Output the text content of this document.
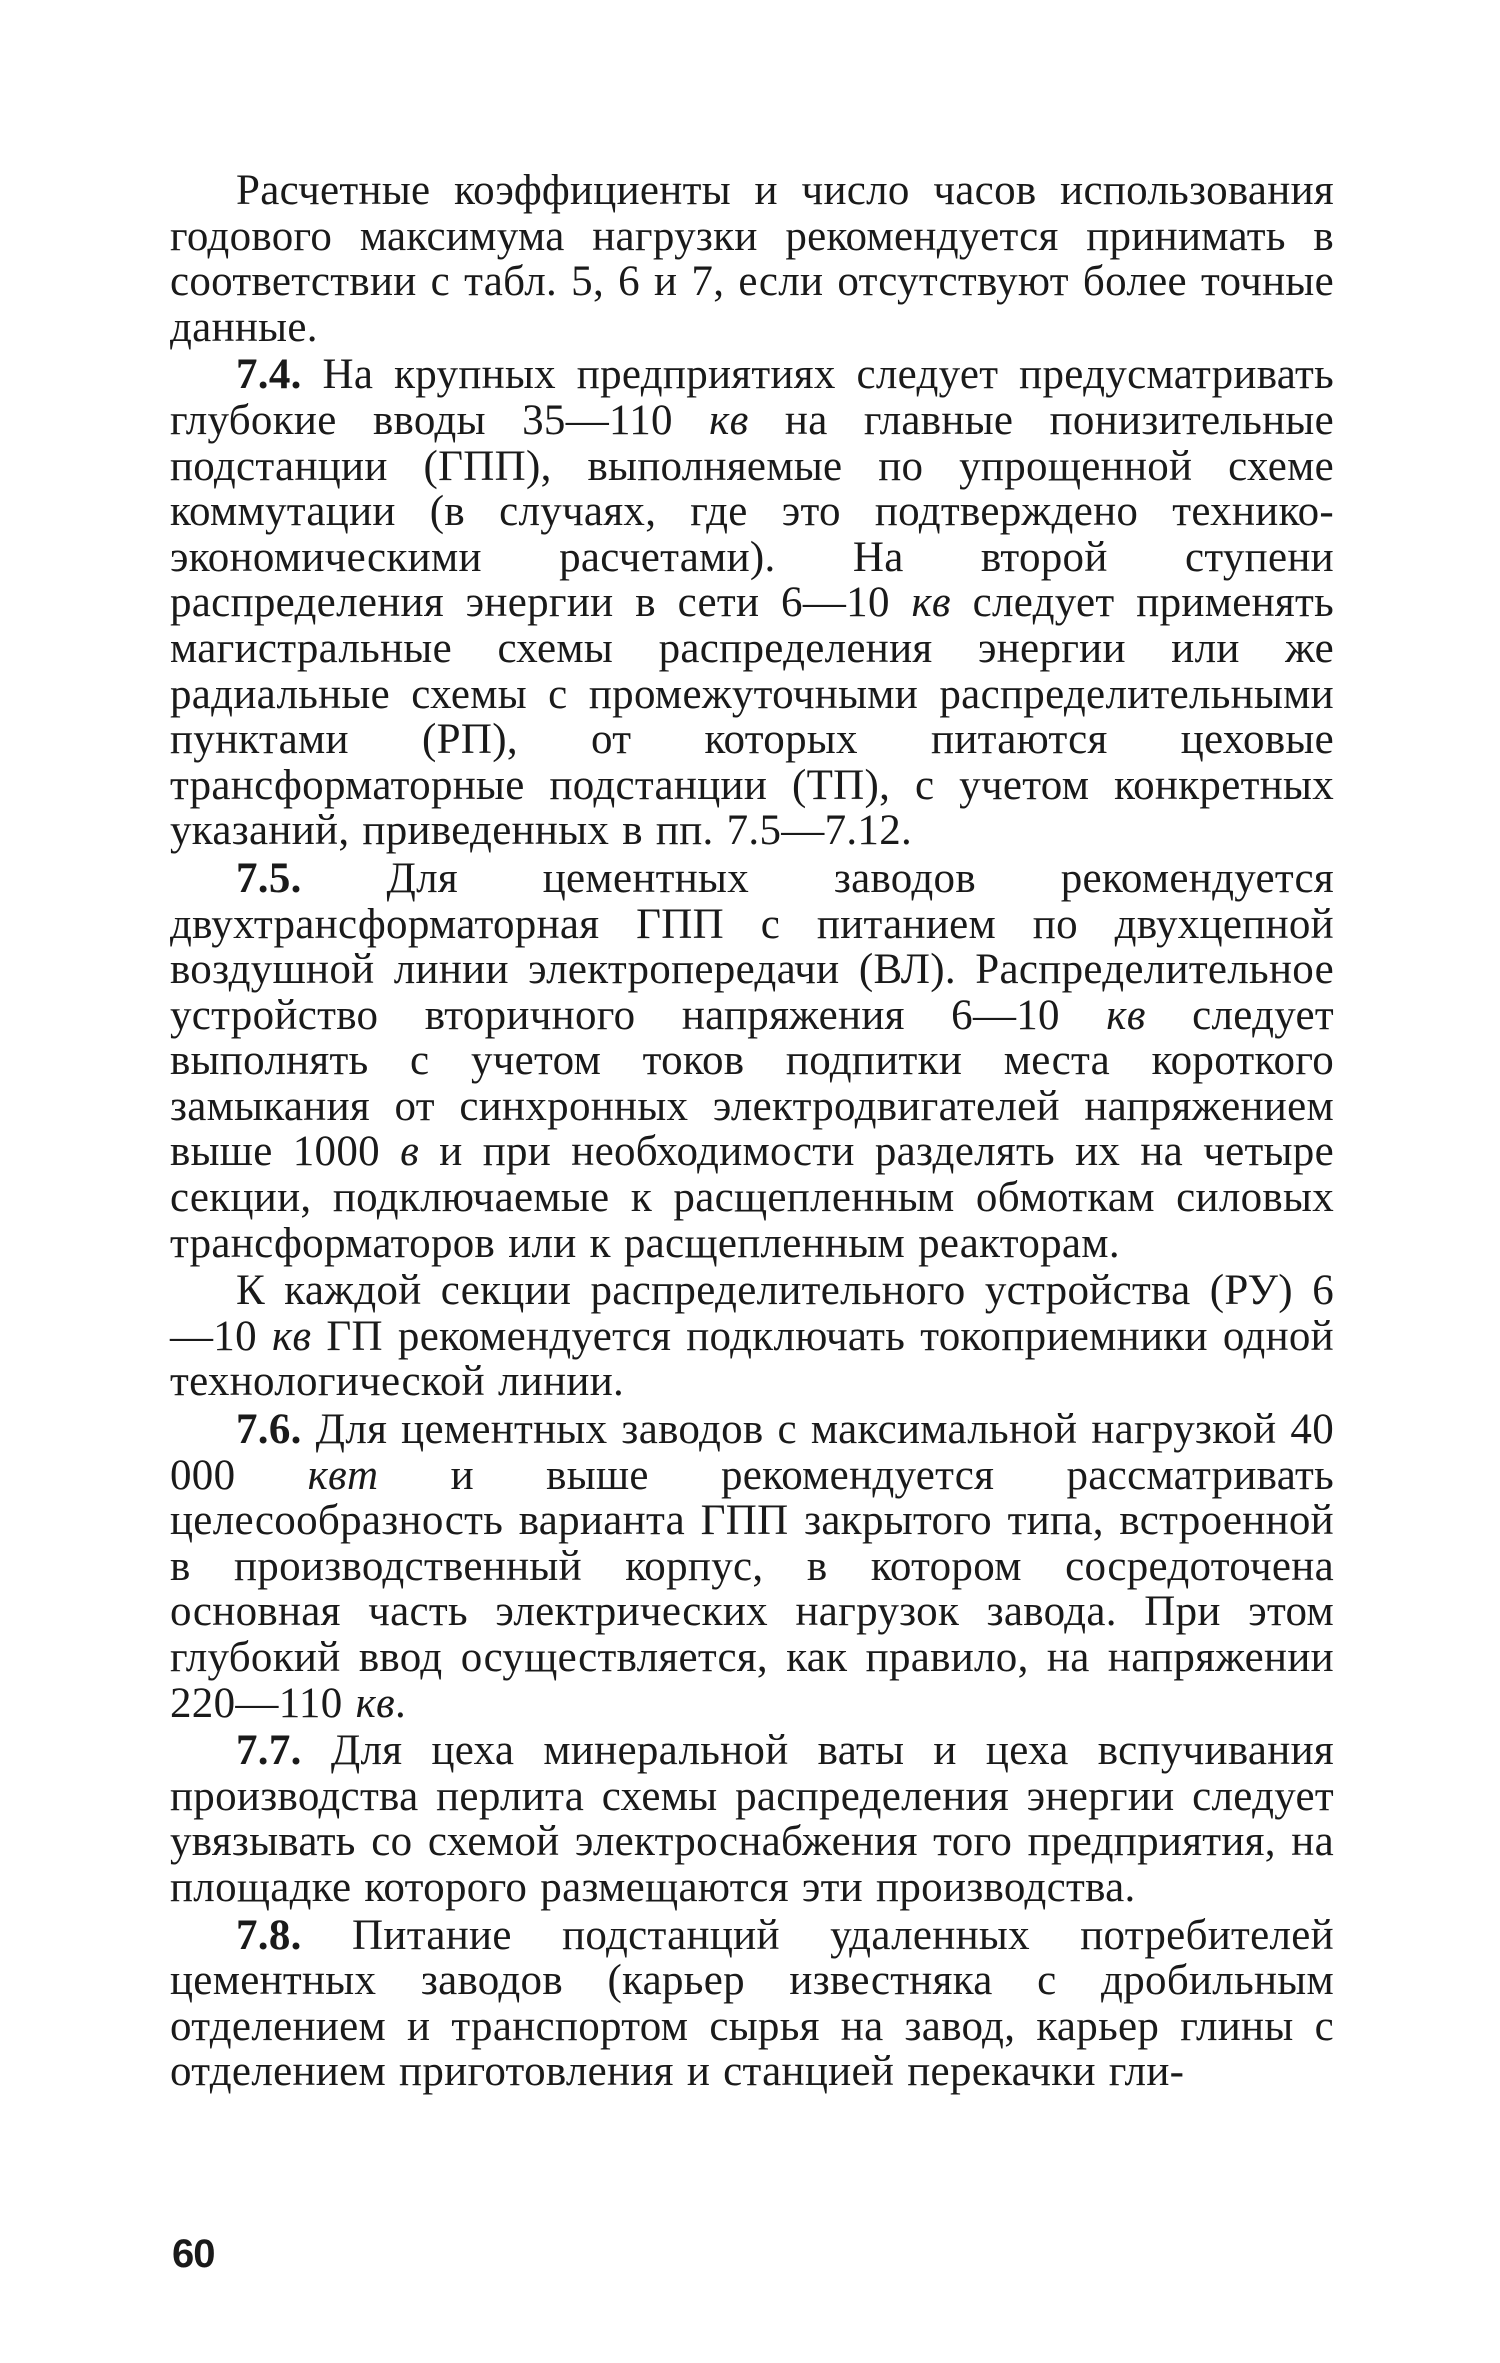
Расчетные коэффициенты и число часов использования годового максимума нагрузки рекомендуется принимать в соответствии с табл. 5, 6 и 7, если отсутствуют более точные данные.

7.4. На крупных предприятиях следует предусматривать глубокие вводы 35—110 кв на главные понизительные подстанции (ГПП), выполняемые по упрощенной схеме коммутации (в случаях, где это подтверждено технико-экономическими расчетами). На второй ступени распределения энергии в сети 6—10 кв следует применять магистральные схемы распределения энергии или же радиальные схемы с промежуточными распределительными пунктами (РП), от которых питаются цеховые трансформаторные подстанции (ТП), с учетом конкретных указаний, приведенных в пп. 7.5—7.12.

7.5. Для цементных заводов рекомендуется двухтрансформаторная ГПП с питанием по двухцепной воздушной линии электропередачи (ВЛ). Распределительное устройство вторичного напряжения 6—10 кв следует выполнять с учетом токов подпитки места короткого замыкания от синхронных электродвигателей напряжением выше 1000 в и при необходимости разделять их на четыре секции, подключаемые к расщепленным обмоткам силовых трансформаторов или к расщепленным реакторам.

К каждой секции распределительного устройства (РУ) 6—10 кв ГП рекомендуется подключать токоприемники одной технологической линии.

7.6. Для цементных заводов с максимальной нагрузкой 40 000 квт и выше рекомендуется рассматривать целесообразность варианта ГПП закрытого типа, встроенной в производственный корпус, в котором сосредоточена основная часть электрических нагрузок завода. При этом глубокий ввод осуществляется, как правило, на напряжении 220—110 кв.

7.7. Для цеха минеральной ваты и цеха вспучивания производства перлита схемы распределения энергии следует увязывать со схемой электроснабжения того предприятия, на площадке которого размещаются эти производства.

7.8. Питание подстанций удаленных потребителей цементных заводов (карьер известняка с дробильным отделением и транспортом сырья на завод, карьер глины с отделением приготовления и станцией перекачки гли-

60
